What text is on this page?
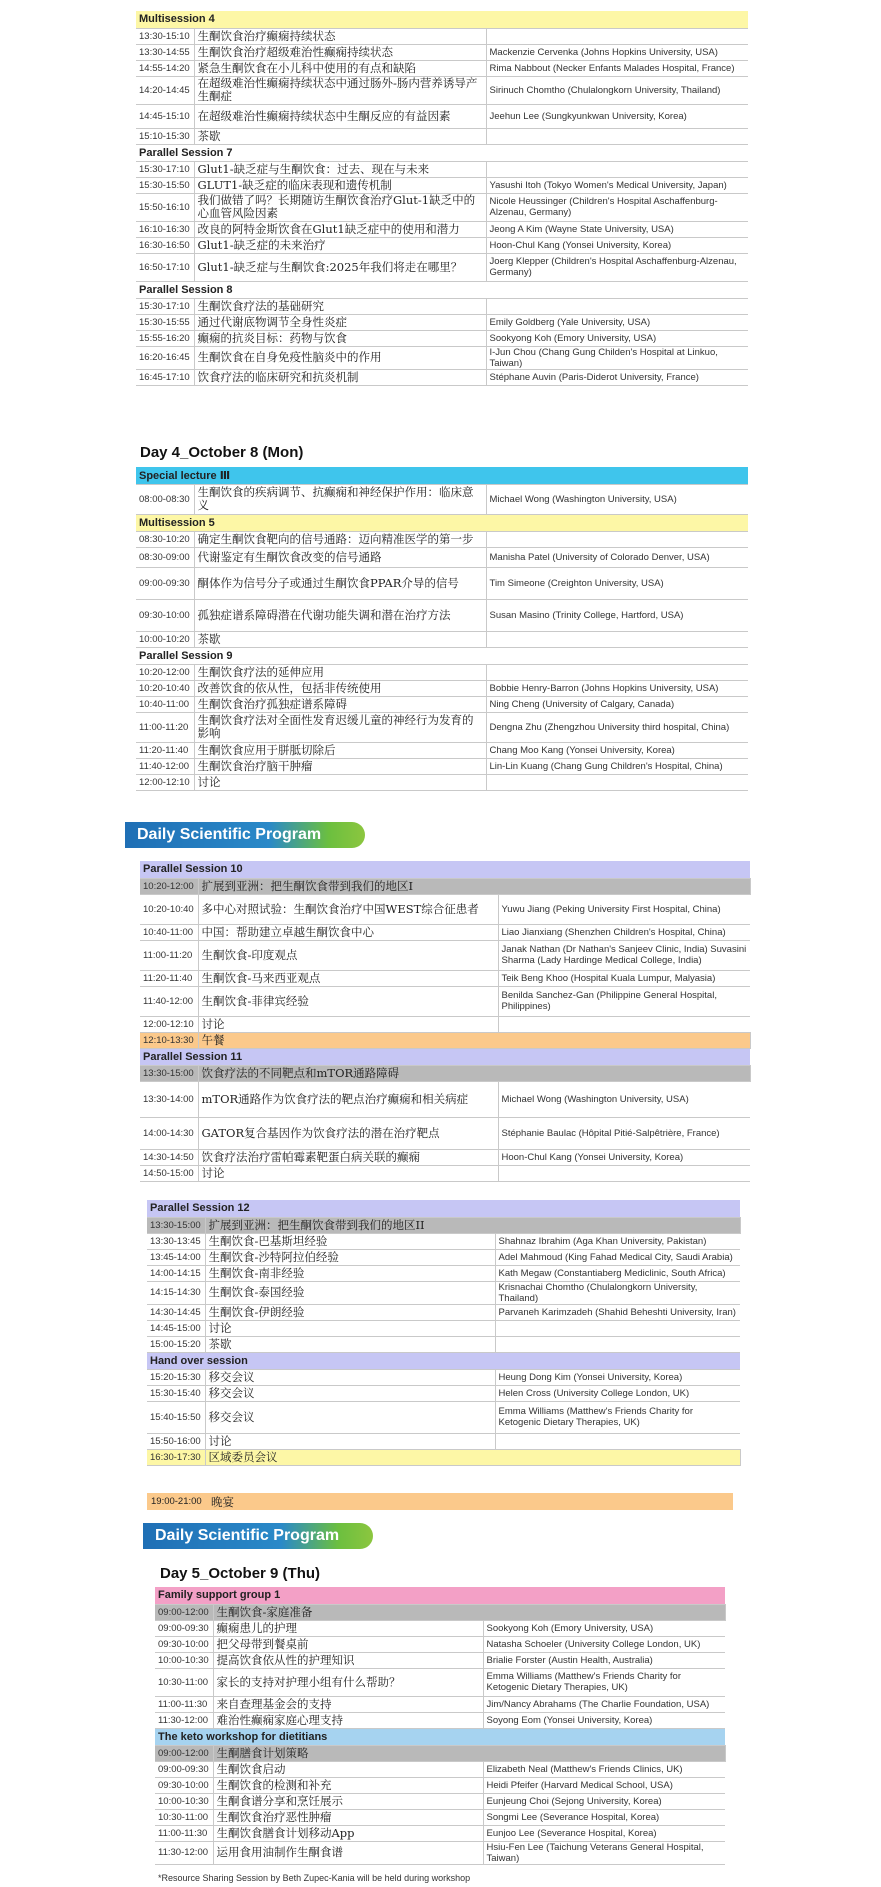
Multisession 4		
13:30-15:10	生酮饮食治疗癫痫持续状态	
13:30-14:55	生酮饮食治疗超级难治性癫痫持续状态	Mackenzie Cervenka (Johns Hopkins University, USA)
14:55-14:20	紧急生酮饮食在小儿科中使用的有点和缺陷	Rima Nabbout (Necker Enfants Malades Hospital, France)
14:20-14:45	在超级难治性癫痫持续状态中通过肠外-肠内营养诱导产生酮症	Sirinuch Chomtho (Chulalongkorn University, Thailand)
14:45-15:10	在超级难治性癫痫持续状态中生酮反应的有益因素	Jeehun Lee (Sungkyunkwan University, Korea)
15:10-15:30	茶歇	
Parallel Session 7		
15:30-17:10	Glut1-缺乏症与生酮饮食：过去、现在与未来	
15:30-15:50	GLUT1-缺乏症的临床表现和遗传机制	Yasushi Itoh (Tokyo Women's Medical University, Japan)
15:50-16:10	我们做错了吗？长期随访生酮饮食治疗Glut-1缺乏中的心血管风险因素	Nicole Heussinger (Children's Hospital Aschaffenburg-Alzenau, Germany)
16:10-16:30	改良的阿特金斯饮食在Glut1缺乏症中的使用和潜力	Jeong A Kim (Wayne State University, USA)
16:30-16:50	Glut1-缺乏症的未来治疗	Hoon-Chul Kang (Yonsei University, Korea)
16:50-17:10	Glut1-缺乏症与生酮饮食:2025年我们将走在哪里？	Joerg Klepper (Children's Hospital Aschaffenburg-Alzenau, Germany)
Parallel Session 8		
15:30-17:10	生酮饮食疗法的基础研究	
15:30-15:55	通过代谢底物调节全身性炎症	Emily Goldberg (Yale University, USA)
15:55-16:20	癫痫的抗炎目标：药物与饮食	Sookyong Koh (Emory University, USA)
16:20-16:45	生酮饮食在自身免疫性脑炎中的作用	I-Jun Chou (Chang Gung Childen's Hospital at Linkuo, Taiwan)
16:45-17:10	饮食疗法的临床研究和抗炎机制	Stéphane Auvin (Paris-Diderot University, France)
Day 4_October 8 (Mon)
Special lecture Ⅲ		
08:00-08:30	生酮饮食的疾病调节、抗癫痫和神经保护作用：临床意义	Michael Wong (Washington University, USA)
Multisession 5		
08:30-10:20	确定生酮饮食靶向的信号通路：迈向精准医学的第一步	
08:30-09:00	代谢鉴定有生酮饮食改变的信号通路	Manisha Patel (University of Colorado Denver, USA)
09:00-09:30	酮体作为信号分子或通过生酮饮食PPAR介导的信号	Tim Simeone (Creighton University, USA)
09:30-10:00	孤独症谱系障碍潜在代谢功能失调和潜在治疗方法	Susan Masino (Trinity College, Hartford, USA)
10:00-10:20	茶歇	
Parallel Session 9		
10:20-12:00	生酮饮食疗法的延伸应用	
10:20-10:40	改善饮食的依从性，包括非传统使用	Bobbie Henry-Barron (Johns Hopkins University, USA)
10:40-11:00	生酮饮食治疗孤独症谱系障碍	Ning Cheng (University of Calgary, Canada)
11:00-11:20	生酮饮食疗法对全面性发育迟缓儿童的神经行为发育的影响	Dengna Zhu (Zhengzhou University third hospital, China)
11:20-11:40	生酮饮食应用于胼胝切除后	Chang Moo Kang (Yonsei University, Korea)
11:40-12:00	生酮饮食治疗脑干肿瘤	Lin-Lin Kuang (Chang Gung Children's Hospital, China)
12:00-12:10	讨论	
Daily Scientific Program
Parallel Session 10		
10:20-12:00	扩展到亚洲：把生酮饮食带到我们的地区I	
10:20-10:40	多中心对照试验：生酮饮食治疗中国WEST综合征患者	Yuwu Jiang (Peking University First Hospital, China)
10:40-11:00	中国：帮助建立卓越生酮饮食中心	Liao Jianxiang (Shenzhen Children's Hospital, China)
11:00-11:20	生酮饮食-印度观点	Janak Nathan (Dr Nathan's Sanjeev Clinic, India) Suvasini Sharma (Lady Hardinge Medical College, India)
11:20-11:40	生酮饮食-马来西亚观点	Teik Beng Khoo (Hospital Kuala Lumpur, Malyasia)
11:40-12:00	生酮饮食-菲律宾经验	Benilda Sanchez-Gan (Philippine General Hospital, Philippines)
12:00-12:10	讨论	
12:10-13:30	午餐	
Parallel Session 11		
13:30-15:00	饮食疗法的不同靶点和mTOR通路障碍	
13:30-14:00	mTOR通路作为饮食疗法的靶点治疗癫痫和相关病症	Michael Wong (Washington University, USA)
14:00-14:30	GATOR复合基因作为饮食疗法的潜在治疗靶点	Stéphanie Baulac (Hôpital Pitié-Salpêtrière, France)
14:30-14:50	饮食疗法治疗雷帕霉素靶蛋白病关联的癫痫	Hoon-Chul Kang (Yonsei University, Korea)
14:50-15:00	讨论	
Parallel Session 12		
13:30-15:00	扩展到亚洲：把生酮饮食带到我们的地区II	
13:30-13:45	生酮饮食-巴基斯坦经验	Shahnaz Ibrahim (Aga Khan University, Pakistan)
13:45-14:00	生酮饮食-沙特阿拉伯经验	Adel Mahmoud (King Fahad Medical City, Saudi Arabia)
14:00-14:15	生酮饮食-南非经验	Kath Megaw (Constantiaberg Mediclinic, South Africa)
14:15-14:30	生酮饮食-泰国经验	Krisnachai Chomtho (Chulalongkorn University, Thailand)
14:30-14:45	生酮饮食-伊朗经验	Parvaneh Karimzadeh (Shahid Beheshti University, Iran)
14:45-15:00	讨论	
15:00-15:20	茶歇	
Hand over session		
15:20-15:30	移交会议	Heung Dong Kim (Yonsei University, Korea)
15:30-15:40	移交会议	Helen Cross (University College London, UK)
15:40-15:50	移交会议	Emma Williams (Matthew's Friends Charity for Ketogenic Dietary Therapies, UK)
15:50-16:00	讨论	
16:30-17:30	区域委员会议	
19:00-21:00 晚宴
Daily Scientific Program
Day 5_October 9 (Thu)
Family support group 1		
09:00-12:00	生酮饮食-家庭准备	
09:00-09:30	癫痫患儿的护理	Sookyong Koh (Emory University, USA)
09:30-10:00	把父母带到餐桌前	Natasha Schoeler (University College London, UK)
10:00-10:30	提高饮食依从性的护理知识	Brialie Forster (Austin Health, Australia)
10:30-11:00	家长的支持对护理小组有什么帮助？	Emma Williams (Matthew's Friends Charity for Ketogenic Dietary Therapies, UK)
11:00-11:30	来自查理基金会的支持	Jim/Nancy Abrahams (The Charlie Foundation, USA)
11:30-12:00	难治性癫痫家庭心理支持	Soyong Eom (Yonsei University, Korea)
The keto workshop for dietitians		
09:00-12:00	生酮膳食计划策略	
09:00-09:30	生酮饮食启动	Elizabeth Neal (Matthew's Friends Clinics, UK)
09:30-10:00	生酮饮食的检测和补充	Heidi Pfeifer (Harvard Medical School, USA)
10:00-10:30	生酮食谱分享和烹饪展示	Eunjeung Choi (Sejong University, Korea)
10:30-11:00	生酮饮食治疗恶性肿瘤	Songmi Lee (Severance Hospital, Korea)
11:00-11:30	生酮饮食膳食计划移动App	Eunjoo Lee (Severance Hospital, Korea)
11:30-12:00	运用食用油制作生酮食谱	Hsiu-Fen Lee (Taichung Veterans General Hospital, Taiwan)
*Resource Sharing Session by Beth Zupec-Kania will be held during workshop
